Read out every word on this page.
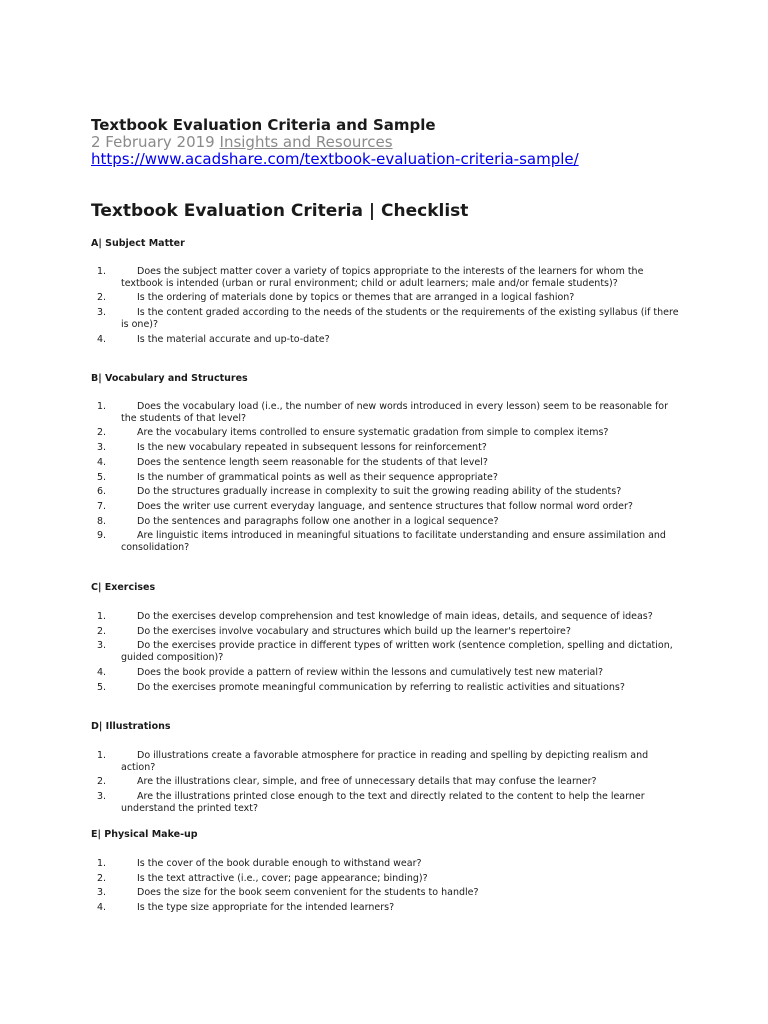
Textbook Evaluation Criteria and Sample
2 February 2019 Insights and Resources
https://www.acadshare.com/textbook-evaluation-criteria-sample/
Textbook Evaluation Criteria | Checklist
A| Subject Matter
1.	Does the subject matter cover a variety of topics appropriate to the interests of the learners for whom the textbook is intended (urban or rural environment; child or adult learners; male and/or female students)?
2.	Is the ordering of materials done by topics or themes that are arranged in a logical fashion?
3.	Is the content graded according to the needs of the students or the requirements of the existing syllabus (if there is one)?
4.	Is the material accurate and up-to-date?
B| Vocabulary and Structures
1.	Does the vocabulary load (i.e., the number of new words introduced in every lesson) seem to be reasonable for the students of that level?
2.	Are the vocabulary items controlled to ensure systematic gradation from simple to complex items?
3.	Is the new vocabulary repeated in subsequent lessons for reinforcement?
4.	Does the sentence length seem reasonable for the students of that level?
5.	Is the number of grammatical points as well as their sequence appropriate?
6.	Do the structures gradually increase in complexity to suit the growing reading ability of the students?
7.	Does the writer use current everyday language, and sentence structures that follow normal word order?
8.	Do the sentences and paragraphs follow one another in a logical sequence?
9.	Are linguistic items introduced in meaningful situations to facilitate understanding and ensure assimilation and consolidation?
C| Exercises
1.	Do the exercises develop comprehension and test knowledge of main ideas, details, and sequence of ideas?
2.	Do the exercises involve vocabulary and structures which build up the learner's repertoire?
3.	Do the exercises provide practice in different types of written work (sentence completion, spelling and dictation, guided composition)?
4.	Does the book provide a pattern of review within the lessons and cumulatively test new material?
5.	Do the exercises promote meaningful communication by referring to realistic activities and situations?
D| Illustrations
1.	Do illustrations create a favorable atmosphere for practice in reading and spelling by depicting realism and action?
2.	Are the illustrations clear, simple, and free of unnecessary details that may confuse the learner?
3.	Are the illustrations printed close enough to the text and directly related to the content to help the learner understand the printed text?
E| Physical Make-up
1.	Is the cover of the book durable enough to withstand wear?
2.	Is the text attractive (i.e., cover; page appearance; binding)?
3.	Does the size for the book seem convenient for the students to handle?
4.	Is the type size appropriate for the intended learners?
